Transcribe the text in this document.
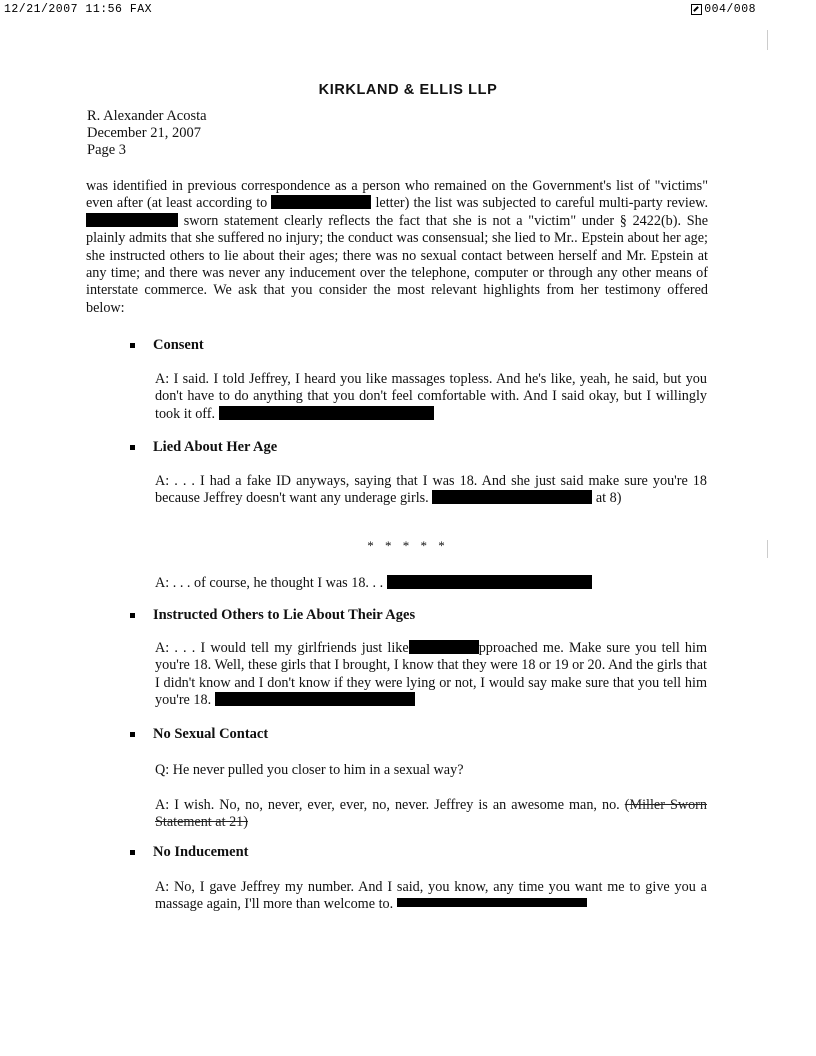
12/21/2007 11:56 FAX	004/008
KIRKLAND & ELLIS LLP
R. Alexander Acosta
December 21, 2007
Page 3
was identified in previous correspondence as a person who remained on the Government's list of "victims" even after (at least according to	letter) the list was subjected to careful multi-party review.  sworn statement clearly reflects the fact that she is not a "victim" under § 2422(b). She plainly admits that she suffered no injury; the conduct was consensual; she lied to Mr.. Epstein about her age; she instructed others to lie about their ages; there was no sexual contact between herself and Mr. Epstein at any time; and there was never any inducement over the telephone, computer or through any other means of interstate commerce. We ask that you consider the most relevant highlights from her testimony offered below:
Consent
A: I said. I told Jeffrey, I heard you like massages topless. And he's like, yeah, he said, but you don't have to do anything that you don't feel comfortable with. And I said okay, but I willingly took it off.
Lied About Her Age
A: . . . I had a fake ID anyways, saying that I was 18. And she just said make sure you're 18 because Jeffrey doesn't want any underage girls.	at 8)
* * * * *
A: . . . of course, he thought I was 18. . .
Instructed Others to Lie About Their Ages
A: . . . I would tell my girlfriends just like	pproached me. Make sure you tell him you're 18. Well, these girls that I brought, I know that they were 18 or 19 or 20. And the girls that I didn't know and I don't know if they were lying or not, I would say make sure that you tell him you're 18.
No Sexual Contact
Q: He never pulled you closer to him in a sexual way?
A: I wish. No, no, never, ever, ever, no, never. Jeffrey is an awesome man, no. (Miller Sworn Statement at 21)
No Inducement
A: No, I gave Jeffrey my number. And I said, you know, any time you want me to give you a massage again, I'll more than welcome to.
